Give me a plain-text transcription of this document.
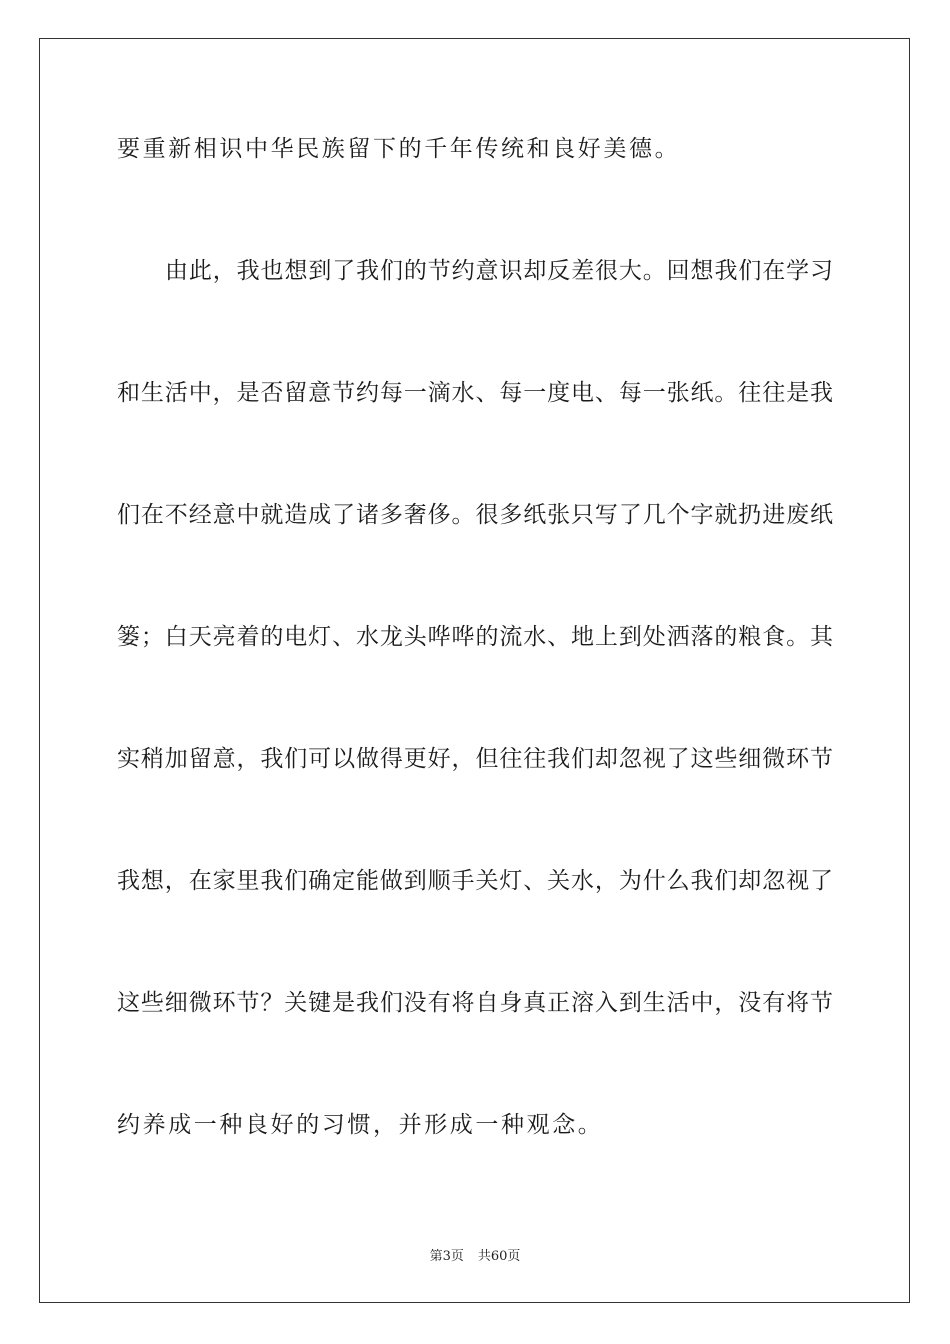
要重新相识中华民族留下的千年传统和良好美德。
由此，我也想到了我们的节约意识却反差很大。回想我们在学习
和生活中，是否留意节约每一滴水、每一度电、每一张纸。往往是我
们在不经意中就造成了诸多奢侈。很多纸张只写了几个字就扔进废纸
篓；白天亮着的电灯、水龙头哗哗的流水、地上到处洒落的粮食。其
实稍加留意，我们可以做得更好，但往往我们却忽视了这些细微环节
我想，在家里我们确定能做到顺手关灯、关水，为什么我们却忽视了
这些细微环节？关键是我们没有将自身真正溶入到生活中，没有将节
约养成一种良好的习惯，并形成一种观念。
第3页 共60页
